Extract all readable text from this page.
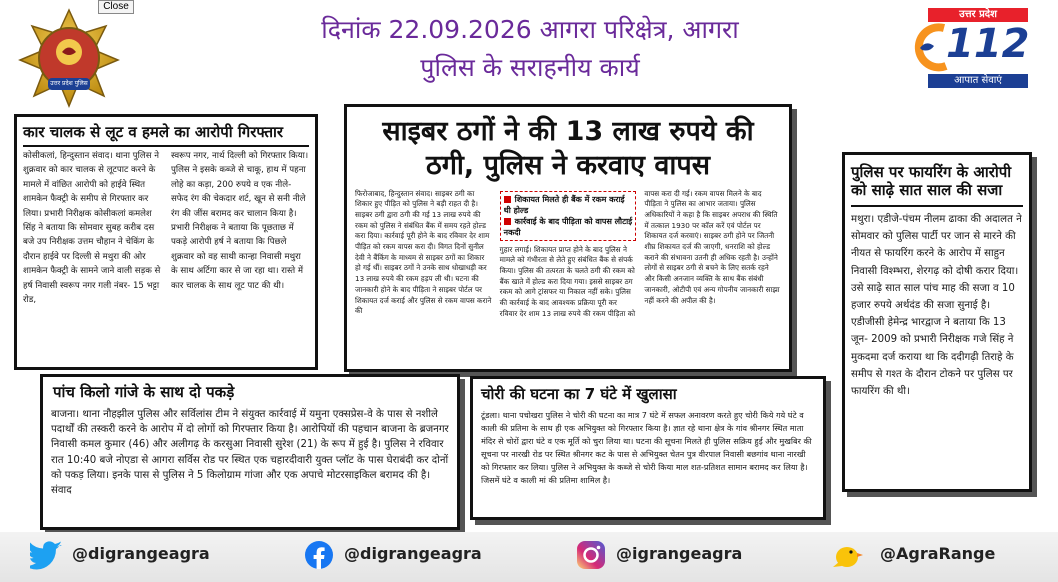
Close
उत्तर प्रदेश पुलिस
दिनांक 22.09.2026 आगरा परिक्षेत्र, आगरा
पुलिस के सराहनीय कार्य
उत्तर प्रदेश
112
आपात सेवाएं
कार चालक से लूट व हमले का आरोपी गिरफ्तार
कोसीकलां, हिन्दुस्तान संवाद। थाना पुलिस ने शुक्रवार को कार चालक से लूटपाट करने के मामले में वांछित आरोपी को हाईवे स्थित शामकेन फैक्ट्री के समीप से गिरफ्तार कर लिया। प्रभारी निरीक्षक कोसीकलां कमलेश सिंह ने बताया कि सोमवार सुबह करीब दस बजे उप निरीक्षक उत्तम चौहान ने चेकिंग के दौरान हाईवे पर दिल्ली से मथुरा की ओर शामकेन फैक्ट्री के सामने जाने वाली सड़क से हर्ष निवासी स्वरूप नगर गली नंबर- 15 भट्टा रोड,
स्वरूप नगर, नार्थ दिल्ली को गिरफ्तार किया। पुलिस ने इसके कब्जे से चाकू, हाथ में पहना लोहे का कड़ा, 200 रुपये व एक नीले- सफेद रंग की चेकदार शर्ट, खून से सनी नीले रंग की जींस बरामद कर चालान किया है। प्रभारी निरीक्षक ने बताया कि पूछताछ में पकड़े आरोपी हर्ष ने बताया कि पिछले शुक्रवार को वह साथी कान्हा निवासी मथुरा के साथ अर्टिगा कार से जा रहा था। रास्ते में कार चालक के साथ लूट पाट की थी।
साइबर ठगों ने की 13 लाख रुपये की ठगी, पुलिस ने करवाए वापस
फिरोजाबाद, हिन्दुस्तान संवाद। साइबर ठगी का शिकार हुए पीड़ित को पुलिस ने बड़ी राहत दी है। साइबर ठगी द्वारा ठगी की गई 13 लाख रुपये की रकम को पुलिस ने संबंधित बैंक में समय रहते होल्ड करा दिया। कार्रवाई पूरी होने के बाद रविवार देर शाम पीड़ित को रकम वापस करा दी। विगत दिनों सुनील देवी ने बैंकिंग के माध्यम से साइबर ठगों का शिकार हो गई थीं। साइबर ठगों ने उनके साथ धोखाधड़ी कर 13 लाख रुपये की रकम हड़प ली थी। घटना की जानकारी होने के बाद पीड़िता ने साइबर पोर्टल पर शिकायत दर्ज कराई और पुलिस से रकम वापस कराने की
शिकायत मिलते ही बैंक में रकम कराई थी होल्ड
कार्रवाई के बाद पीड़िता को वापस लौटाई नकदी
गुहार लगाई। शिकायत प्राप्त होने के बाद पुलिस ने मामले को गंभीरता से लेते हुए संबंधित बैंक से संपर्क किया। पुलिस की तत्परता के चलते ठगी की रकम को बैंक खाते में होल्ड करा दिया गया। इससे साइबर ठग रकम को आगे ट्रांसफर या निकाल नहीं सके। पुलिस की कार्रवाई के बाद आवश्यक प्रक्रिया पूरी कर रविवार देर शाम 13 लाख रुपये की रकम पीड़िता को
वापस करा दी गई। रकम वापस मिलने के बाद पीड़िता ने पुलिस का आभार जताया। पुलिस अधिकारियों ने कहा है कि साइबर अपराध की स्थिति में तत्काल 1930 पर कॉल करें एवं पोर्टल पर शिकायत दर्ज करवाएं। साइबर ठगी होने पर जितनी शीघ्र शिकायत दर्ज की जाएगी, धनराशि को होल्ड कराने की संभावना उतनी ही अधिक रहती है। उन्होंने लोगों से साइबर ठगी से बचने के लिए सतर्क रहने और किसी अनजान व्यक्ति के साथ बैंक संबंधी जानकारी, ओटीपी एवं अन्य गोपनीय जानकारी साझा नहीं करने की अपील की है।
पुलिस पर फायरिंग के आरोपी को साढ़े सात साल की सजा
मथुरा। एडीजे-पंचम नीलम ढाका की अदालत ने सोमवार को पुलिस पार्टी पर जान से मारने की नीयत से फायरिंग करने के आरोप में साहुन निवासी विश्म्भरा, शेरगढ़ को दोषी करार दिया। उसे साढ़े सात साल पांच माह की सजा व 10 हजार रुपये अर्थदंड की सजा सुनाई है। एडीजीसी हेमेन्द्र भारद्वाज ने बताया कि 13 जून- 2009 को प्रभारी निरीक्षक गजे सिंह ने मुकदमा दर्ज कराया था कि ददीगढ़ी तिराहे के समीप से गश्त के दौरान टोकने पर पुलिस पर फायरिंग की थी।
पांच किलो गांजे के साथ दो पकड़े
बाजना। थाना नौहझील पुलिस और सर्विलांस टीम ने संयुक्त कार्रवाई में यमुना एक्सप्रेस-वे के पास से नशीले पदार्थों की तस्करी करने के आरोप में दो लोगों को गिरफ्तार किया है। आरोपियों की पहचान बाजना के ब्रजनगर निवासी कमल कुमार (46) और अलीगढ़ के करसुआ निवासी सुरेश (21) के रूप में हुई है। पुलिस ने रविवार रात 10:40 बजे नोएडा से आगरा सर्विस रोड पर स्थित एक चहारदीवारी युक्त प्लॉट के पास घेराबंदी कर दोनों को पकड़ लिया। इनके पास से पुलिस ने 5 किलोग्राम गांजा और एक अपाचे मोटरसाइकिल बरामद की है। संवाद
चोरी की घटना का 7 घंटे में खुलासा
टूंडला। थाना पचोखरा पुलिस ने चोरी की घटना का मात्र 7 घंटे में सफल अनावरण करते हुए चोरी किये गये घंटे व काली की प्रतिमा के साथ ही एक अभियुक्त को गिरफ्तार किया है। ज्ञात रहे थाना क्षेत्र के गांव श्रीनगर स्थित माता मंदिर से चोरों द्वारा घंटे व एक मूर्ति को चुरा लिया था। घटना की सूचना मिलते ही पुलिस सक्रिय हुई और मुखबिर की सूचना पर नारखी रोड पर स्थित श्रीनगर कट के पास से अभियुक्त चेतन पुत्र वीरपाल निवासी बछगांव थाना नारखी को गिरफ्तार कर लिया। पुलिस ने अभियुक्त के कब्जे से चोरी किया माल शत-प्रतिशत सामान बरामद कर लिया है। जिसमें घंटे व काली मां की प्रतिमा शामिल है।
@digrangeagra	@digrangeagra	@igrangeagra	@AgraRange
